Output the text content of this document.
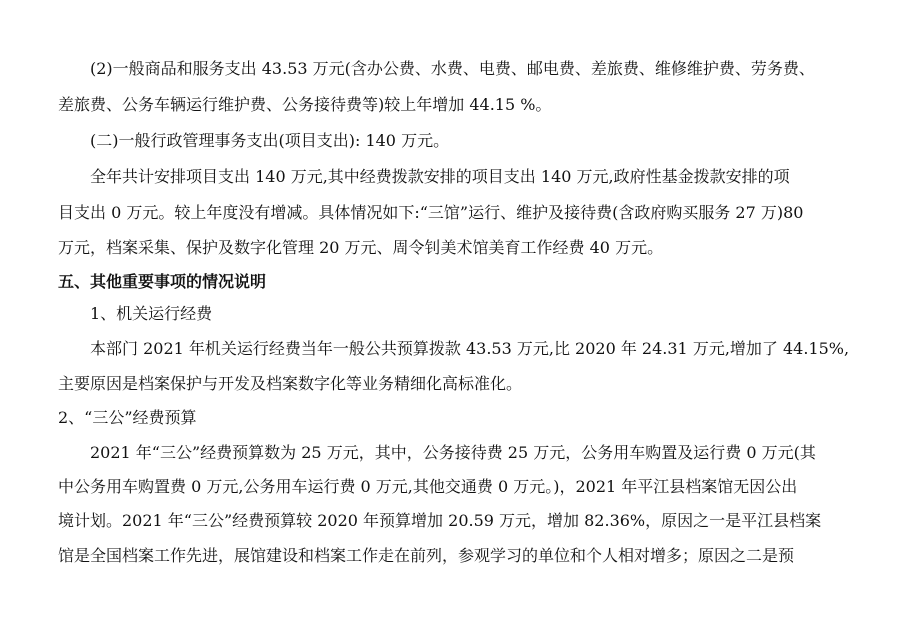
(2)一般商品和服务支出 43.53 万元(含办公费、水费、电费、邮电费、差旅费、维修维护费、劳务费、
差旅费、公务车辆运行维护费、公务接待费等)较上年增加 44.15 %。
(二)一般行政管理事务支出(项目支出): 140 万元。
全年共计安排项目支出 140 万元,其中经费拨款安排的项目支出 140 万元,政府性基金拨款安排的项
目支出 0 万元。较上年度没有增减。具体情况如下:“三馆”运行、维护及接待费(含政府购买服务 27 万)80
万元，档案采集、保护及数字化管理 20 万元、周令钊美术馆美育工作经费 40 万元。
五、其他重要事项的情况说明
1、机关运行经费
本部门 2021 年机关运行经费当年一般公共预算拨款 43.53 万元,比 2020 年 24.31 万元,增加了 44.15%,
主要原因是档案保护与开发及档案数字化等业务精细化高标准化。
2、“三公”经费预算
2021 年“三公”经费预算数为 25 万元，其中，公务接待费 25 万元，公务用车购置及运行费 0 万元(其
中公务用车购置费 0 万元,公务用车运行费 0 万元,其他交通费 0 万元。)，2021 年平江县档案馆无因公出
境计划。2021 年“三公”经费预算较 2020 年预算增加 20.59 万元，增加 82.36%，原因之一是平江县档案
馆是全国档案工作先进，展馆建设和档案工作走在前列，参观学习的单位和个人相对增多；原因之二是预
